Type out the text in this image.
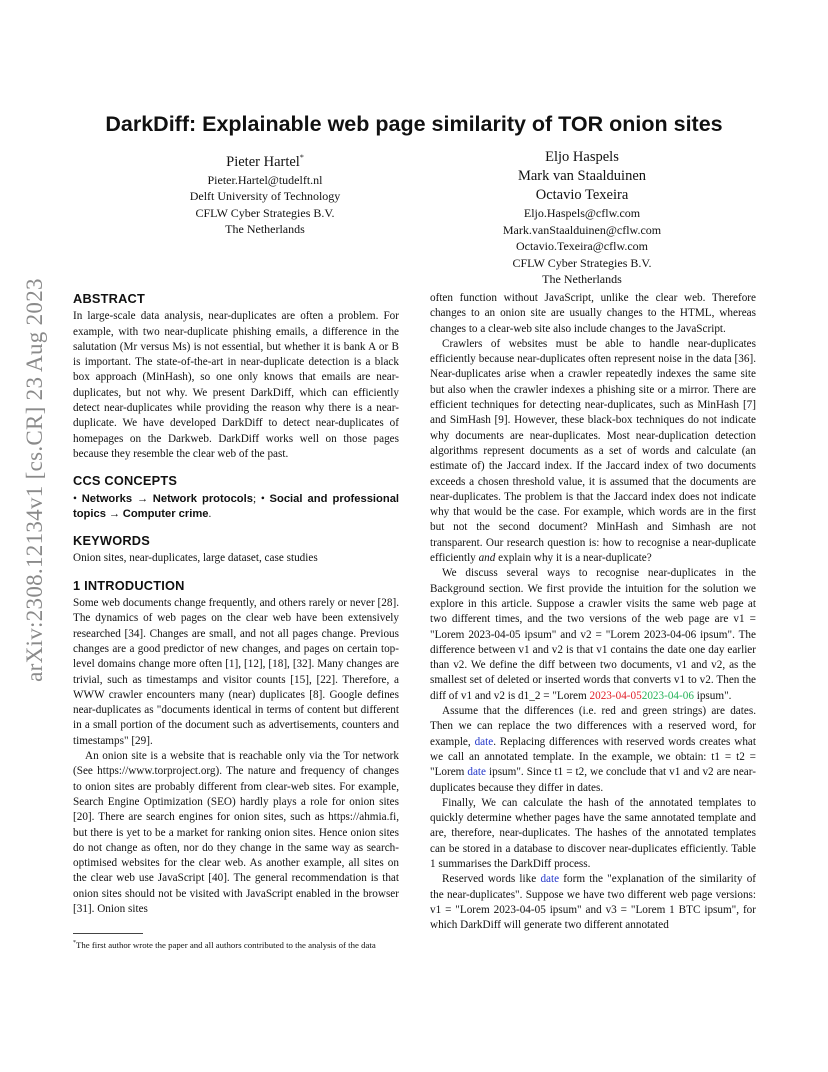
arXiv:2308.12134v1 [cs.CR] 23 Aug 2023
DarkDiff: Explainable web page similarity of TOR onion sites
Pieter Hartel*
Pieter.Hartel@tudelft.nl
Delft University of Technology
CFLW Cyber Strategies B.V.
The Netherlands
Eljo Haspels
Mark van Staalduinen
Octavio Texeira
Eljo.Haspels@cflw.com
Mark.vanStaalduinen@cflw.com
Octavio.Texeira@cflw.com
CFLW Cyber Strategies B.V.
The Netherlands
ABSTRACT

In large-scale data analysis, near-duplicates are often a problem. For example, with two near-duplicate phishing emails, a difference in the salutation (Mr versus Ms) is not essential, but whether it is bank A or B is important. The state-of-the-art in near-duplicate detection is a black box approach (MinHash), so one only knows that emails are near-duplicates, but not why. We present DarkDiff, which can efficiently detect near-duplicates while providing the reason why there is a near-duplicate. We have developed DarkDiff to detect near-duplicates of homepages on the Darkweb. DarkDiff works well on those pages because they resemble the clear web of the past.

CCS CONCEPTS

• Networks → Network protocols; • Social and professional topics → Computer crime.

KEYWORDS

Onion sites, near-duplicates, large dataset, case studies

1 INTRODUCTION

Some web documents change frequently, and others rarely or never [28]. The dynamics of web pages on the clear web have been extensively researched [34]. Changes are small, and not all pages change. Previous changes are a good predictor of new changes, and pages on certain top-level domains change more often [1], [12], [18], [32]. Many changes are trivial, such as timestamps and visitor counts [15], [22]. Therefore, a WWW crawler encounters many (near) duplicates [8]. Google defines near-duplicates as "documents identical in terms of content but different in a small portion of the document such as advertisements, counters and timestamps" [29].

An onion site is a website that is reachable only via the Tor network (See https://www.torproject.org). The nature and frequency of changes to onion sites are probably different from clear-web sites. For example, Search Engine Optimization (SEO) hardly plays a role for onion sites [20]. There are search engines for onion sites, such as https://ahmia.fi, but there is yet to be a market for ranking onion sites. Hence onion sites do not change as often, nor do they change in the same way as search-optimised websites for the clear web. As another example, all sites on the clear web use JavaScript [40]. The general recommendation is that onion sites should not be visited with JavaScript enabled in the browser [31]. Onion sites

often function without JavaScript, unlike the clear web. Therefore changes to an onion site are usually changes to the HTML, whereas changes to a clear-web site also include changes to the JavaScript.

Crawlers of websites must be able to handle near-duplicates efficiently because near-duplicates often represent noise in the data [36]. Near-duplicates arise when a crawler repeatedly indexes the same site but also when the crawler indexes a phishing site or a mirror. There are efficient techniques for detecting near-duplicates, such as MinHash [7] and SimHash [9]. However, these black-box techniques do not indicate why documents are near-duplicates. Most near-duplication detection algorithms represent documents as a set of words and calculate (an estimate of) the Jaccard index. If the Jaccard index of two documents exceeds a chosen threshold value, it is assumed that the documents are near-duplicates. The problem is that the Jaccard index does not indicate why that would be the case. For example, which words are in the first but not the second document? MinHash and Simhash are not transparent. Our research question is: how to recognise a near-duplicate efficiently and explain why it is a near-duplicate?

We discuss several ways to recognise near-duplicates in the Background section. We first provide the intuition for the solution we explore in this article. Suppose a crawler visits the same web page at two different times, and the two versions of the web page are v1 = "Lorem 2023-04-05 ipsum" and v2 = "Lorem 2023-04-06 ipsum". The difference between v1 and v2 is that v1 contains the date one day earlier than v2. We define the diff between two documents, v1 and v2, as the smallest set of deleted or inserted words that converts v1 to v2. Then the diff of v1 and v2 is d1_2 = "Lorem 2023-04-052023-04-06 ipsum".

Assume that the differences (i.e. red and green strings) are dates. Then we can replace the two differences with a reserved word, for example, date. Replacing differences with reserved words creates what we call an annotated template. In the example, we obtain: t1 = t2 = "Lorem date ipsum". Since t1 = t2, we conclude that v1 and v2 are near-duplicates because they differ in dates.

Finally, We can calculate the hash of the annotated templates to quickly determine whether pages have the same annotated template and are, therefore, near-duplicates. The hashes of the annotated templates can be stored in a database to discover near-duplicates efficiently. Table 1 summarises the DarkDiff process.

Reserved words like date form the "explanation of the similarity of the near-duplicates". Suppose we have two different web page versions: v1 = "Lorem 2023-04-05 ipsum" and v3 = "Lorem 1 BTC ipsum", for which DarkDiff will generate two different annotated

*The first author wrote the paper and all authors contributed to the analysis of the data
